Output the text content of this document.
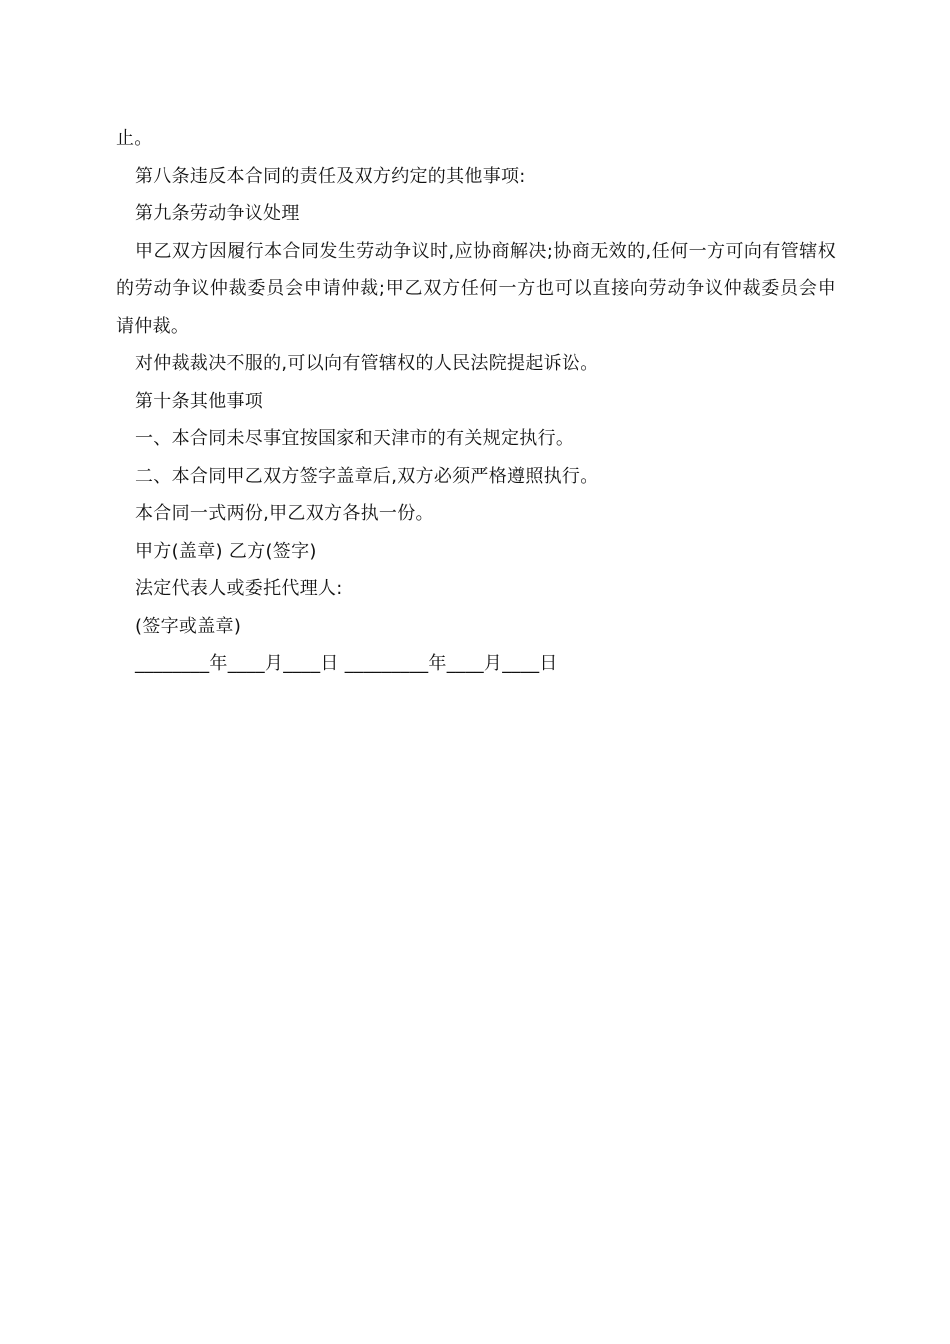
止。
第八条违反本合同的责任及双方约定的其他事项:
第九条劳动争议处理
甲乙双方因履行本合同发生劳动争议时,应协商解决;协商无效的,任何一方可向有管辖权的劳动争议仲裁委员会申请仲裁;甲乙双方任何一方也可以直接向劳动争议仲裁委员会申请仲裁。
对仲裁裁决不服的,可以向有管辖权的人民法院提起诉讼。
第十条其他事项
一、本合同未尽事宜按国家和天津市的有关规定执行。
二、本合同甲乙双方签字盖章后,双方必须严格遵照执行。
本合同一式两份,甲乙双方各执一份。
甲方(盖章) 乙方(签字)
法定代表人或委托代理人:
(签字或盖章)
________年____月____日 _________年____月____日
